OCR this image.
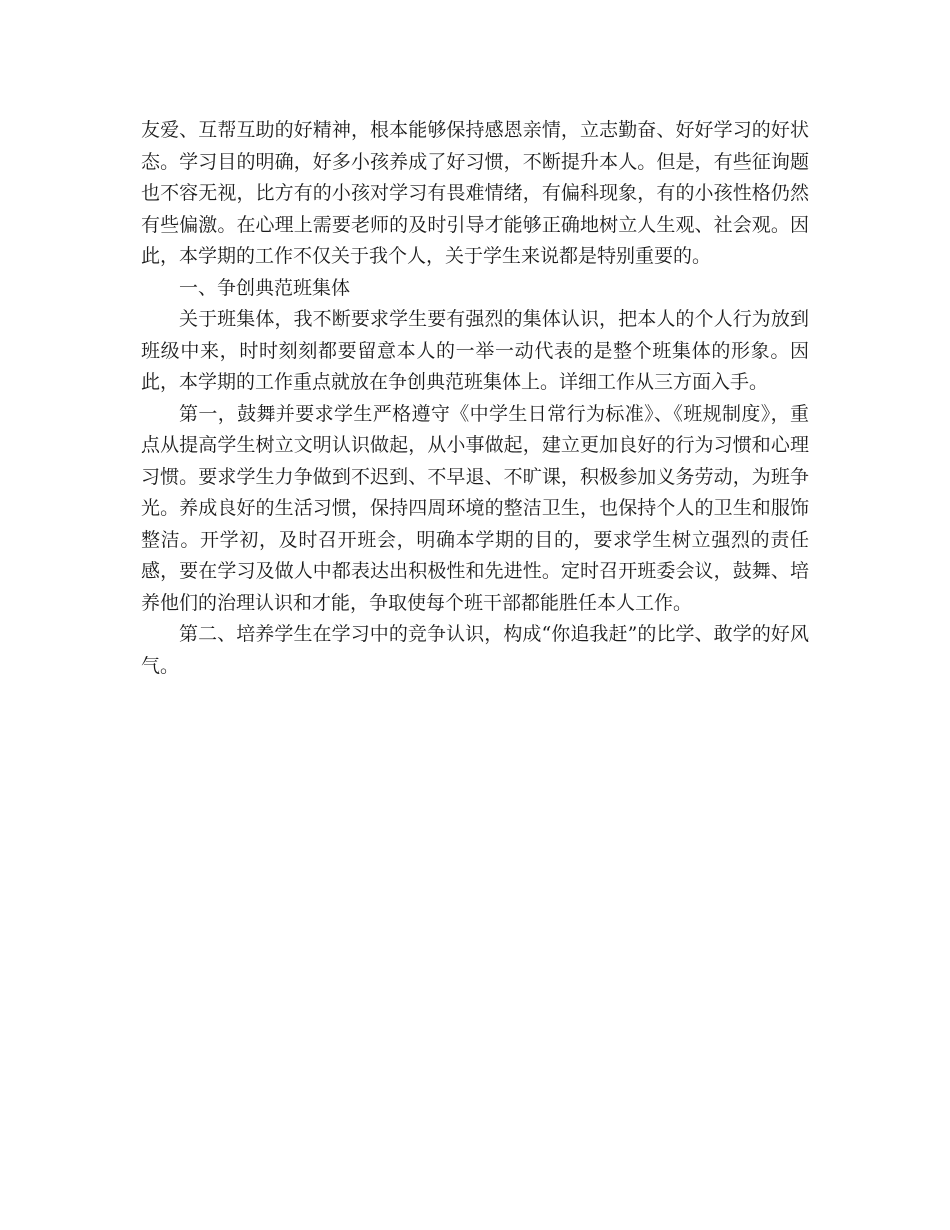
友爱、互帮互助的好精神，根本能够保持感恩亲情，立志勤奋、好好学习的好状态。学习目的明确，好多小孩养成了好习惯，不断提升本人。但是，有些征询题也不容无视，比方有的小孩对学习有畏难情绪，有偏科现象，有的小孩性格仍然有些偏激。在心理上需要老师的及时引导才能够正确地树立人生观、社会观。因此，本学期的工作不仅关于我个人，关于学生来说都是特别重要的。

一、争创典范班集体

关于班集体，我不断要求学生要有强烈的集体认识，把本人的个人行为放到班级中来，时时刻刻都要留意本人的一举一动代表的是整个班集体的形象。因此，本学期的工作重点就放在争创典范班集体上。详细工作从三方面入手。

第一，鼓舞并要求学生严格遵守《中学生日常行为标准》、《班规制度》，重点从提高学生树立文明认识做起，从小事做起，建立更加良好的行为习惯和心理习惯。要求学生力争做到不迟到、不早退、不旷课，积极参加义务劳动，为班争光。养成良好的生活习惯，保持四周环境的整洁卫生，也保持个人的卫生和服饰整洁。开学初，及时召开班会，明确本学期的目的，要求学生树立强烈的责任感，要在学习及做人中都表达出积极性和先进性。定时召开班委会议，鼓舞、培养他们的治理认识和才能，争取使每个班干部都能胜任本人工作。

第二、培养学生在学习中的竞争认识，构成“你追我赶”的比学、敢学的好风气。
